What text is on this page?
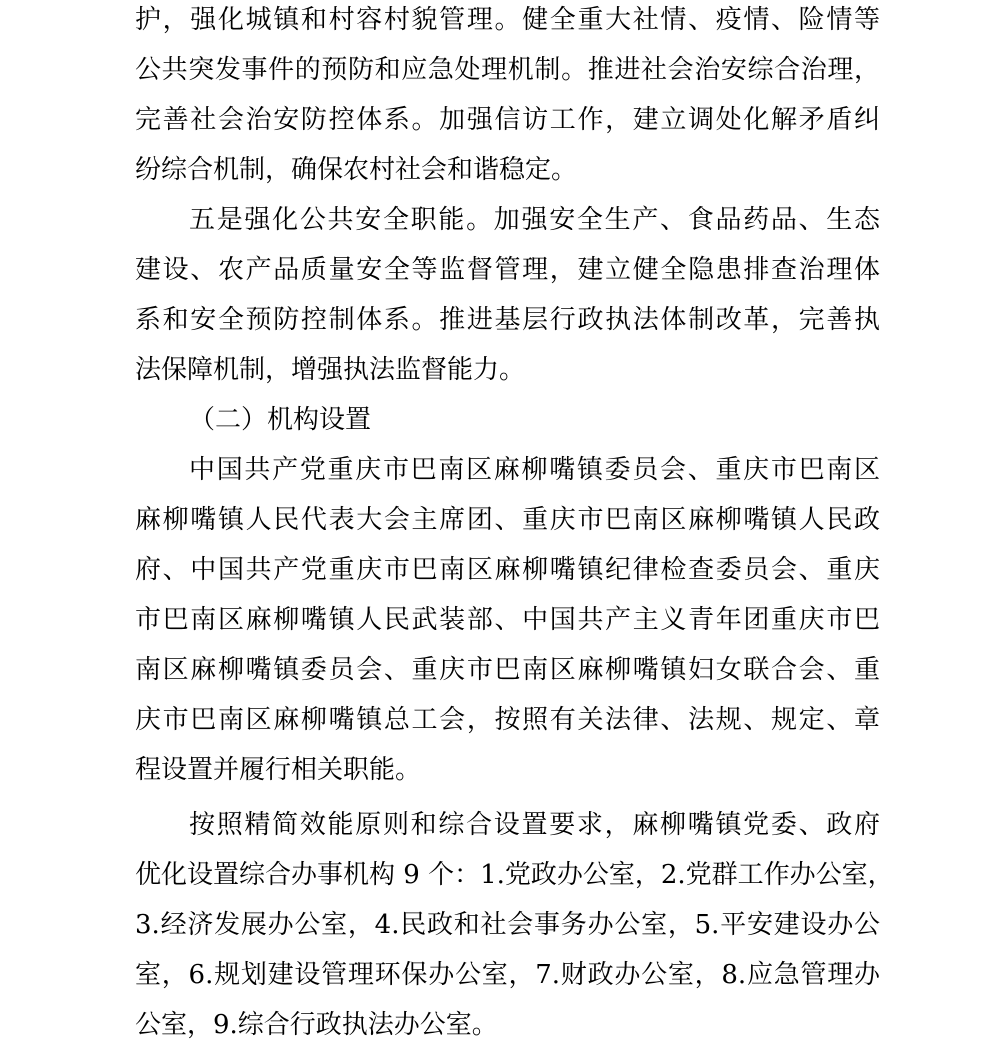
护，强化城镇和村容村貌管理。健全重大社情、疫情、险情等
公共突发事件的预防和应急处理机制。推进社会治安综合治理，
完善社会治安防控体系。加强信访工作，建立调处化解矛盾纠
纷综合机制，确保农村社会和谐稳定。
五是强化公共安全职能。加强安全生产、食品药品、生态
建设、农产品质量安全等监督管理，建立健全隐患排查治理体
系和安全预防控制体系。推进基层行政执法体制改革，完善执
法保障机制，增强执法监督能力。
（二）机构设置
中国共产党重庆市巴南区麻柳嘴镇委员会、重庆市巴南区
麻柳嘴镇人民代表大会主席团、重庆市巴南区麻柳嘴镇人民政
府、中国共产党重庆市巴南区麻柳嘴镇纪律检查委员会、重庆
市巴南区麻柳嘴镇人民武装部、中国共产主义青年团重庆市巴
南区麻柳嘴镇委员会、重庆市巴南区麻柳嘴镇妇女联合会、重
庆市巴南区麻柳嘴镇总工会，按照有关法律、法规、规定、章
程设置并履行相关职能。
按照精简效能原则和综合设置要求，麻柳嘴镇党委、政府
优化设置综合办事机构 9 个：1.党政办公室，2.党群工作办公室，
3.经济发展办公室，4.民政和社会事务办公室，5.平安建设办公
室，6.规划建设管理环保办公室，7.财政办公室，8.应急管理办
公室，9.综合行政执法办公室。
